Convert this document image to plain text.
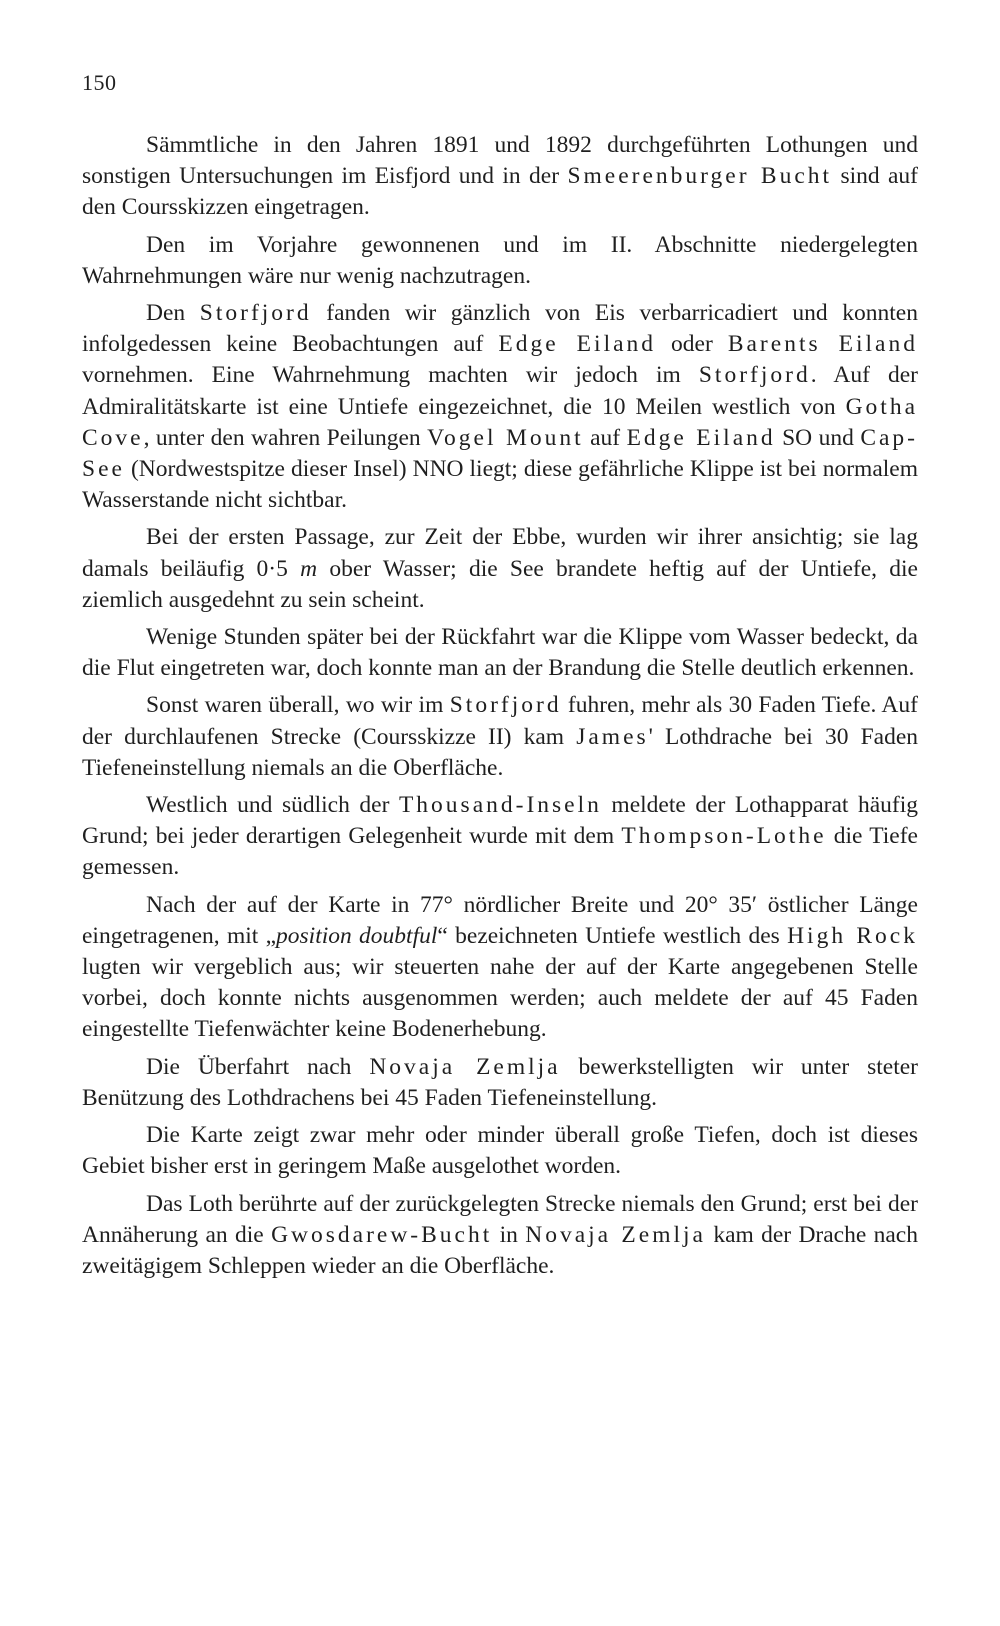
150

Sämmtliche in den Jahren 1891 und 1892 durchgeführten Lothungen und sonstigen Untersuchungen im Eisfjord und in der Smeerenburger Bucht sind auf den Coursskizzen eingetragen.

Den im Vorjahre gewonnenen und im II. Abschnitte niedergelegten Wahrnehmungen wäre nur wenig nachzutragen.

Den Storfjord fanden wir gänzlich von Eis verbarricadiert und konnten infolgedessen keine Beobachtungen auf Edge Eiland oder Barents Eiland vornehmen. Eine Wahrnehmung machten wir jedoch im Storfjord. Auf der Admiralitätskarte ist eine Untiefe eingezeichnet, die 10 Meilen westlich von Gotha Cove, unter den wahren Peilungen Vogel Mount auf Edge Eiland SO und Cap-See (Nordwestspitze dieser Insel) NNO liegt; diese gefährliche Klippe ist bei normalem Wasserstande nicht sichtbar.

Bei der ersten Passage, zur Zeit der Ebbe, wurden wir ihrer ansichtig; sie lag damals beiläufig 0·5 m ober Wasser; die See brandete heftig auf der Untiefe, die ziemlich ausgedehnt zu sein scheint.

Wenige Stunden später bei der Rückfahrt war die Klippe vom Wasser bedeckt, da die Flut eingetreten war, doch konnte man an der Brandung die Stelle deutlich erkennen.

Sonst waren überall, wo wir im Storfjord fuhren, mehr als 30 Faden Tiefe. Auf der durchlaufenen Strecke (Coursskizze II) kam James' Lothdrache bei 30 Faden Tiefeneinstellung niemals an die Oberfläche.

Westlich und südlich der Thousand-Inseln meldete der Lothapparat häufig Grund; bei jeder derartigen Gelegenheit wurde mit dem Thompson-Lothe die Tiefe gemessen.

Nach der auf der Karte in 77° nördlicher Breite und 20° 35′ östlicher Länge eingetragenen, mit „position doubtful“ bezeichneten Untiefe westlich des High Rock lugten wir vergeblich aus; wir steuerten nahe der auf der Karte angegebenen Stelle vorbei, doch konnte nichts ausgenommen werden; auch meldete der auf 45 Faden eingestellte Tiefenwächter keine Bodenerhebung.

Die Überfahrt nach Novaja Zemlja bewerkstelligten wir unter steter Benützung des Lothdrachens bei 45 Faden Tiefeneinstellung.

Die Karte zeigt zwar mehr oder minder überall große Tiefen, doch ist dieses Gebiet bisher erst in geringem Maße ausgelothet worden.

Das Loth berührte auf der zurückgelegten Strecke niemals den Grund; erst bei der Annäherung an die Gwosdarew-Bucht in Novaja Zemlja kam der Drache nach zweitägigem Schleppen wieder an die Oberfläche.
